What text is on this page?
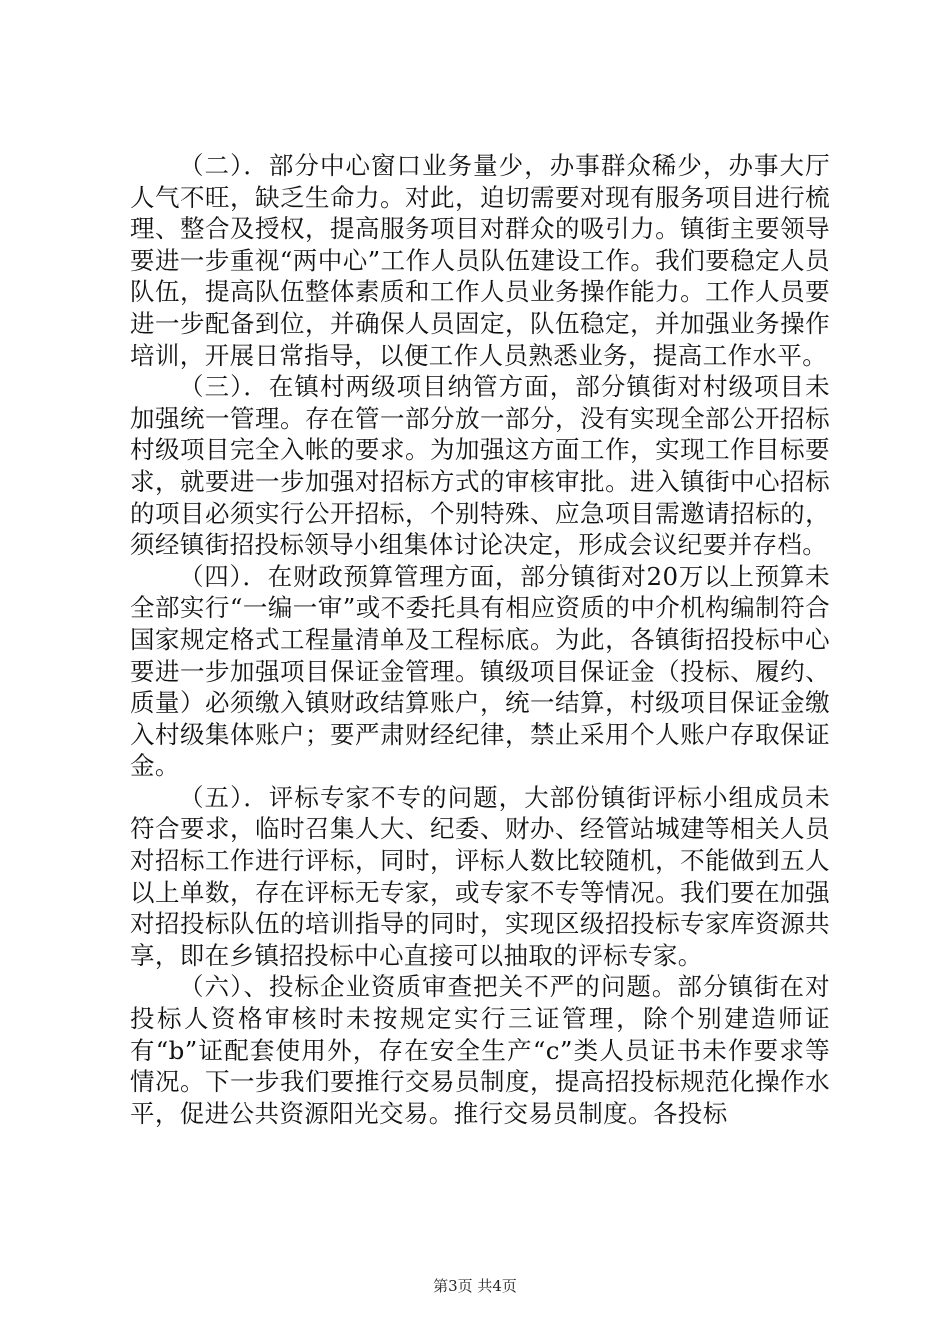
（二）．部分中心窗口业务量少，办事群众稀少，办事大厅人气不旺，缺乏生命力。对此，迫切需要对现有服务项目进行梳理、整合及授权，提高服务项目对群众的吸引力。镇街主要领导要进一步重视“两中心”工作人员队伍建设工作。我们要稳定人员队伍，提高队伍整体素质和工作人员业务操作能力。工作人员要进一步配备到位，并确保人员固定，队伍稳定，并加强业务操作培训，开展日常指导，以便工作人员熟悉业务，提高工作水平。

（三）．在镇村两级项目纳管方面，部分镇街对村级项目未加强统一管理。存在管一部分放一部分，没有实现全部公开招标村级项目完全入帐的要求。为加强这方面工作，实现工作目标要求，就要进一步加强对招标方式的审核审批。进入镇街中心招标的项目必须实行公开招标，个别特殊、应急项目需邀请招标的，须经镇街招投标领导小组集体讨论决定，形成会议纪要并存档。

（四）．在财政预算管理方面，部分镇街对20万以上预算未全部实行“一编一审”或不委托具有相应资质的中介机构编制符合国家规定格式工程量清单及工程标底。为此，各镇街招投标中心要进一步加强项目保证金管理。镇级项目保证金（投标、履约、质量）必须缴入镇财政结算账户，统一结算，村级项目保证金缴入村级集体账户；要严肃财经纪律，禁止采用个人账户存取保证金。

（五）．评标专家不专的问题，大部份镇街评标小组成员未符合要求，临时召集人大、纪委、财办、经管站城建等相关人员对招标工作进行评标，同时，评标人数比较随机，不能做到五人以上单数，存在评标无专家，或专家不专等情况。我们要在加强对招投标队伍的培训指导的同时，实现区级招投标专家库资源共享，即在乡镇招投标中心直接可以抽取的评标专家。

（六）、投标企业资质审查把关不严的问题。部分镇街在对投标人资格审核时未按规定实行三证管理，除个别建造师证有“b”证配套使用外，存在安全生产“c”类人员证书未作要求等情况。下一步我们要推行交易员制度，提高招投标规范化操作水平，促进公共资源阳光交易。推行交易员制度。各投标

第3页 共4页
